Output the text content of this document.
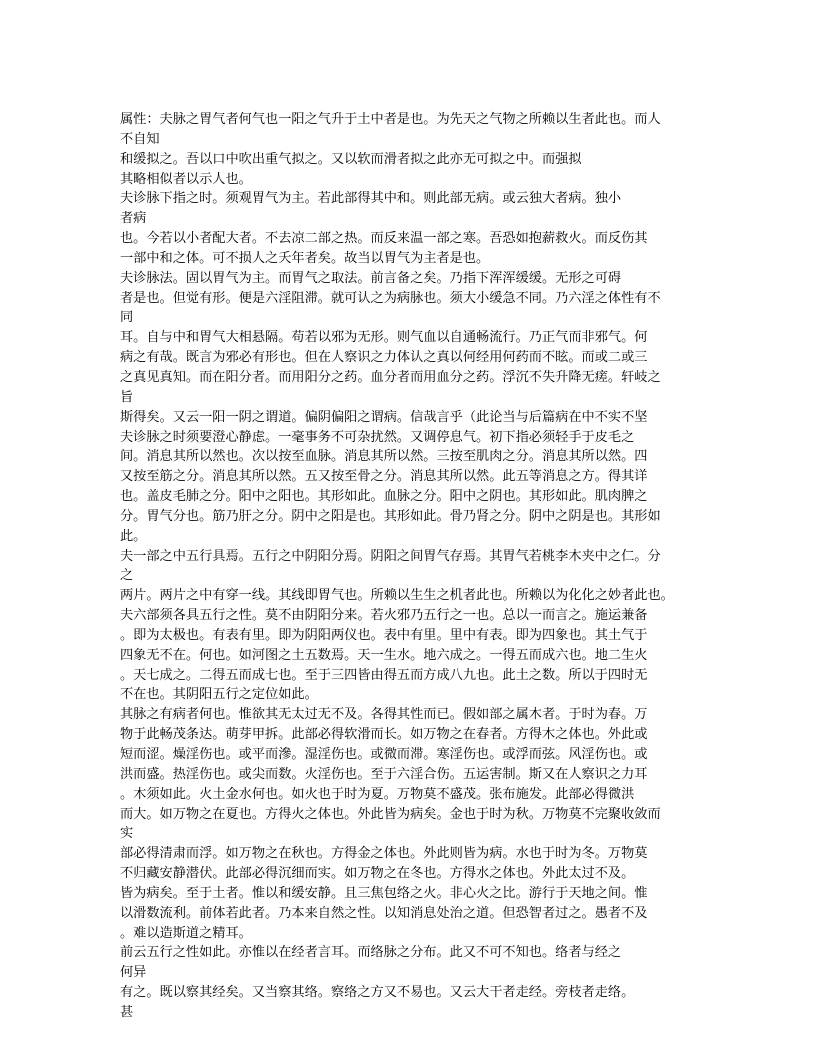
属性：夫脉之胃气者何气也一阳之气升于土中者是也。为先天之气物之所赖以生者此也。而人
不自知
和缓拟之。吾以口中吹出重气拟之。又以软而滑者拟之此亦无可拟之中。而强拟
其略相似者以示人也。
夫诊脉下指之时。须观胃气为主。若此部得其中和。则此部无病。或云独大者病。独小
者病
也。今若以小者配大者。不去凉二部之热。而反来温一部之寒。吾恐如抱薪救火。而反伤其
一部中和之体。可不损人之夭年者矣。故当以胃气为主者是也。
夫诊脉法。固以胃气为主。而胃气之取法。前言备之矣。乃指下浑浑缓缓。无形之可碍
者是也。但觉有形。便是六淫阻滞。就可认之为病脉也。须大小缓急不同。乃六淫之体性有不
同
耳。自与中和胃气大相悬隔。苟若以邪为无形。则气血以自通畅流行。乃正气而非邪气。何
病之有哉。既言为邪必有形也。但在人察识之力体认之真以何经用何药而不眩。而或二或三
之真见真知。而在阳分者。而用阳分之药。血分者而用血分之药。浮沉不失升降无瘥。轩岐之
旨
斯得矣。又云一阳一阴之谓道。偏阴偏阳之谓病。信哉言乎（此论当与后篇病在中不实不坚
夫诊脉之时须要澄心静虑。一毫事务不可杂扰然。又调停息气。初下指必须轻手于皮毛之
间。消息其所以然也。次以按至血脉。消息其所以然。三按至肌肉之分。消息其所以然。四
又按至筋之分。消息其所以然。五又按至骨之分。消息其所以然。此五等消息之方。得其详
也。盖皮毛肺之分。阳中之阳也。其形如此。血脉之分。阳中之阴也。其形如此。肌肉脾之
分。胃气分也。筋乃肝之分。阴中之阳是也。其形如此。骨乃肾之分。阴中之阴是也。其形如
此。
夫一部之中五行具焉。五行之中阴阳分焉。阴阳之间胃气存焉。其胃气若桃李木夹中之仁。分
之
两片。两片之中有穿一线。其线即胃气也。所赖以生生之机者此也。所赖以为化化之妙者此也。
夫六部须各具五行之性。莫不由阴阳分来。若火邪乃五行之一也。总以一而言之。施运兼备
。即为太极也。有表有里。即为阴阳两仪也。表中有里。里中有表。即为四象也。其土气于
四象无不在。何也。如河图之土五数焉。天一生水。地六成之。一得五而成六也。地二生火
。天七成之。二得五而成七也。至于三四皆由得五而方成八九也。此土之数。所以于四时无
不在也。其阴阳五行之定位如此。
其脉之有病者何也。惟欲其无太过无不及。各得其性而已。假如部之属木者。于时为春。万
物于此畅茂条达。萌芽甲拆。此部必得软滑而长。如万物之在春者。方得木之体也。外此或
短而涩。燥淫伤也。或平而滲。湿淫伤也。或微而滞。寒淫伤也。或浮而弦。风淫伤也。或
洪而盛。热淫伤也。或尖而数。火淫伤也。至于六淫合伤。五运害制。斯又在人察识之力耳
。木须如此。火土金水何也。如火也于时为夏。万物莫不盛茂。张布施发。此部必得微洪
而大。如万物之在夏也。方得火之体也。外此皆为病矣。金也于时为秋。万物莫不完聚收敛而
实
部必得清肃而浮。如万物之在秋也。方得金之体也。外此则皆为病。水也于时为冬。万物莫
不归藏安静潜伏。此部必得沉细而实。如万物之在冬也。方得水之体也。外此太过不及。
皆为病矣。至于土者。惟以和缓安静。且三焦包络之火。非心火之比。游行于天地之间。惟
以滑数流利。前体若此者。乃本来自然之性。以知消息处治之道。但恐智者过之。愚者不及
。难以造斯道之精耳。
前云五行之性如此。亦惟以在经者言耳。而络脉之分布。此又不可不知也。络者与经之
何异
有之。既以察其经矣。又当察其络。察络之方又不易也。又云大干者走经。旁枝者走络。
甚
